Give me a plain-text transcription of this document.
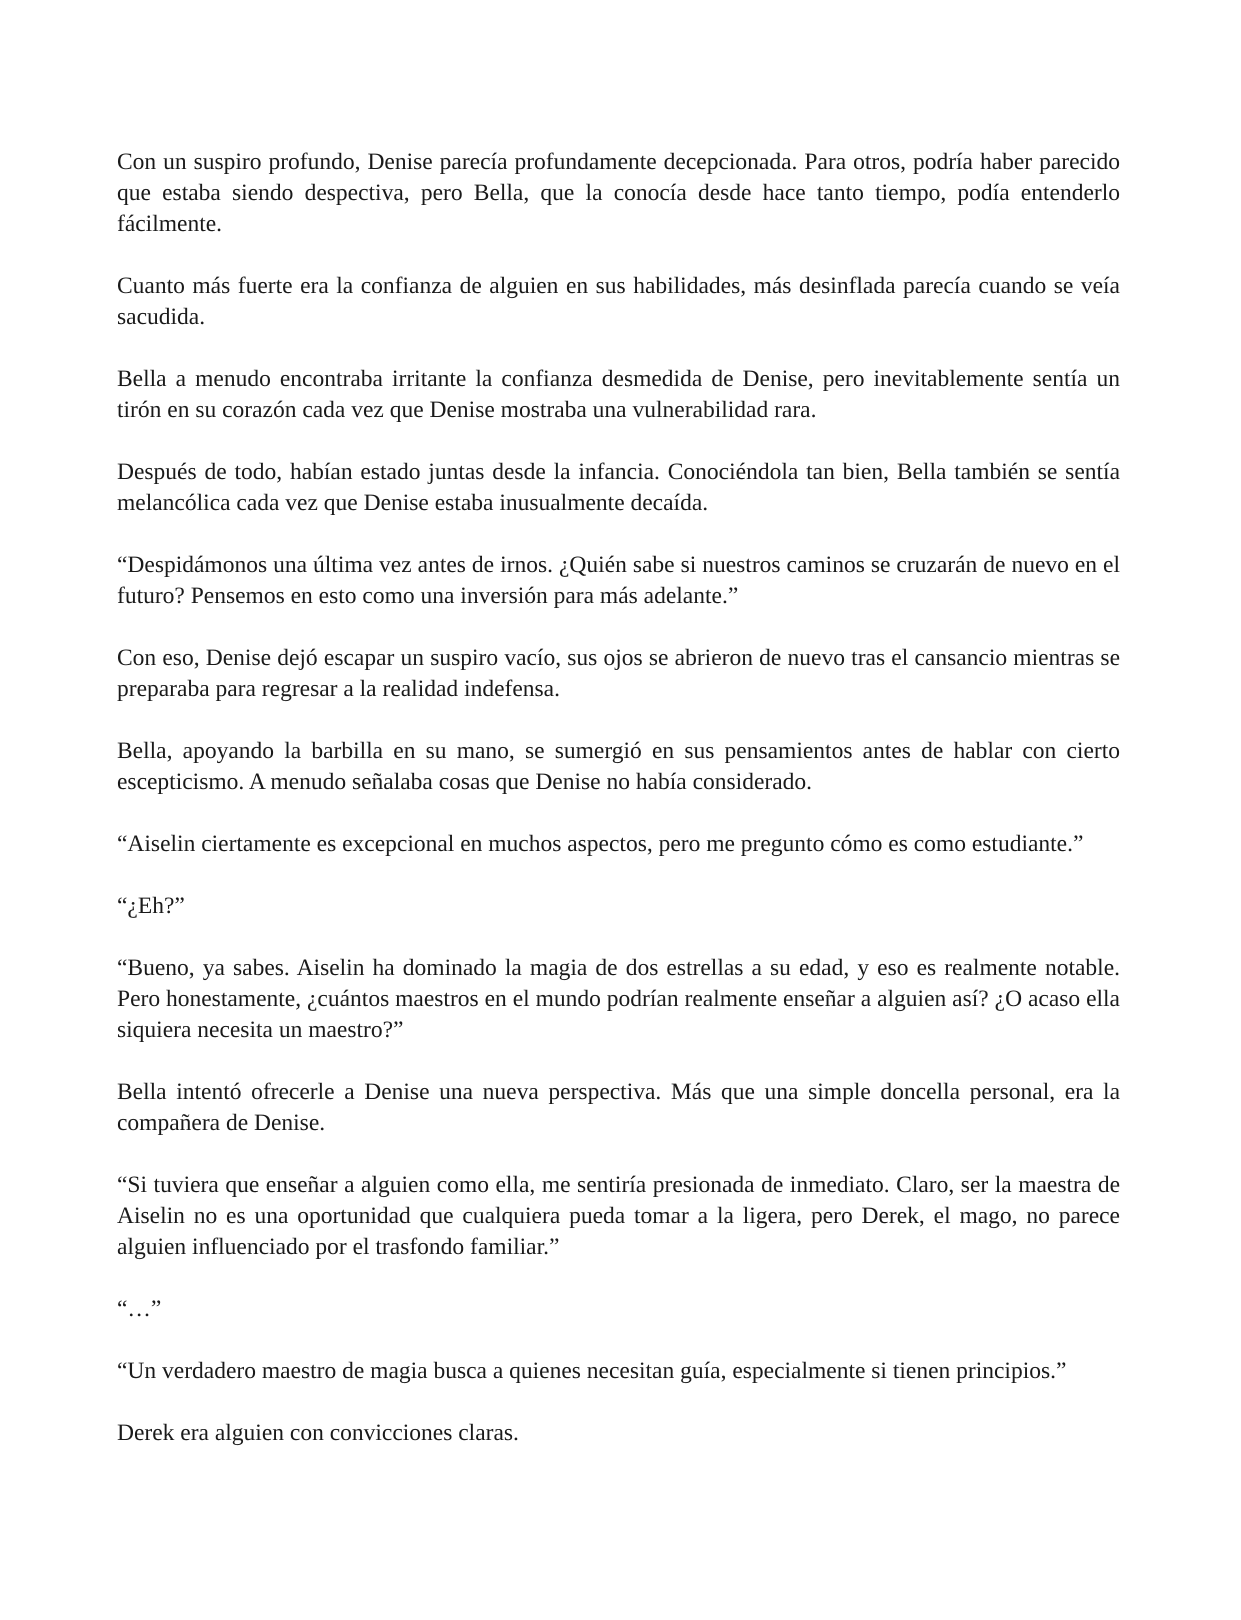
Con un suspiro profundo, Denise parecía profundamente decepcionada. Para otros, podría haber parecido que estaba siendo despectiva, pero Bella, que la conocía desde hace tanto tiempo, podía entenderlo fácilmente.

Cuanto más fuerte era la confianza de alguien en sus habilidades, más desinflada parecía cuando se veía sacudida.

Bella a menudo encontraba irritante la confianza desmedida de Denise, pero inevitablemente sentía un tirón en su corazón cada vez que Denise mostraba una vulnerabilidad rara.

Después de todo, habían estado juntas desde la infancia. Conociéndola tan bien, Bella también se sentía melancólica cada vez que Denise estaba inusualmente decaída.

“Despidámonos una última vez antes de irnos. ¿Quién sabe si nuestros caminos se cruzarán de nuevo en el futuro? Pensemos en esto como una inversión para más adelante.”

Con eso, Denise dejó escapar un suspiro vacío, sus ojos se abrieron de nuevo tras el cansancio mientras se preparaba para regresar a la realidad indefensa.

Bella, apoyando la barbilla en su mano, se sumergió en sus pensamientos antes de hablar con cierto escepticismo. A menudo señalaba cosas que Denise no había considerado.

“Aiselin ciertamente es excepcional en muchos aspectos, pero me pregunto cómo es como estudiante.”

“¿Eh?”

“Bueno, ya sabes. Aiselin ha dominado la magia de dos estrellas a su edad, y eso es realmente notable. Pero honestamente, ¿cuántos maestros en el mundo podrían realmente enseñar a alguien así? ¿O acaso ella siquiera necesita un maestro?”

Bella intentó ofrecerle a Denise una nueva perspectiva. Más que una simple doncella personal, era la compañera de Denise.

“Si tuviera que enseñar a alguien como ella, me sentiría presionada de inmediato. Claro, ser la maestra de Aiselin no es una oportunidad que cualquiera pueda tomar a la ligera, pero Derek, el mago, no parece alguien influenciado por el trasfondo familiar.”

“…”

“Un verdadero maestro de magia busca a quienes necesitan guía, especialmente si tienen principios.”

Derek era alguien con convicciones claras.
